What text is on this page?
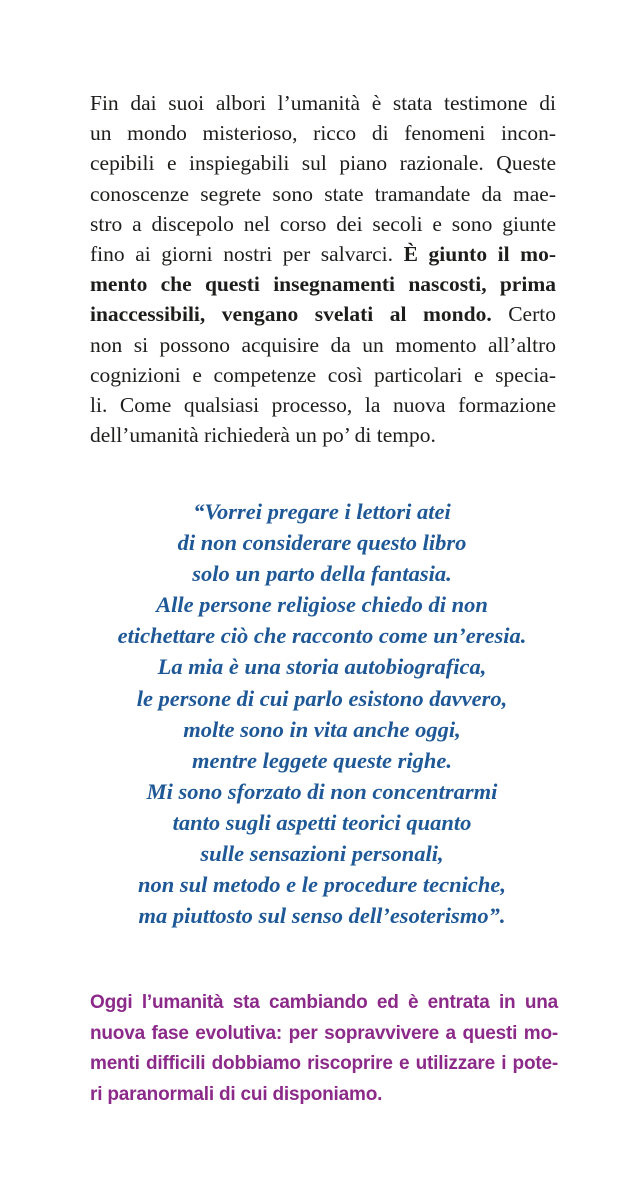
Fin dai suoi albori l’umanità è stata testimone di

un mondo misterioso, ricco di fenomeni incon-

cepibili e inspiegabili sul piano razionale. Queste

conoscenze segrete sono state tramandate da mae-

stro a discepolo nel corso dei secoli e sono giunte

fino ai giorni nostri per salvarci. È giunto il mo-

mento che questi insegnamenti nascosti, prima

inaccessibili, vengano svelati al mondo. Certo

non si possono acquisire da un momento all’altro

cognizioni e competenze così particolari e specia-

li. Come qualsiasi processo, la nuova formazione

dell’umanità richiederà un po’ di tempo.

“Vorrei pregare i lettori atei

di non considerare questo libro

solo un parto della fantasia.

Alle persone religiose chiedo di non

etichettare ciò che racconto come un’eresia.

La mia è una storia autobiografica,

le persone di cui parlo esistono davvero,

molte sono in vita anche oggi,

mentre leggete queste righe.

Mi sono sforzato di non concentrarmi

tanto sugli aspetti teorici quanto

sulle sensazioni personali,

non sul metodo e le procedure tecniche,

ma piuttosto sul senso dell’esoterismo”.

Oggi l’umanità sta cambiando ed è entrata in una

nuova fase evolutiva: per sopravvivere a questi mo-

menti difficili dobbiamo riscoprire e utilizzare i pote-

ri paranormali di cui disponiamo.
